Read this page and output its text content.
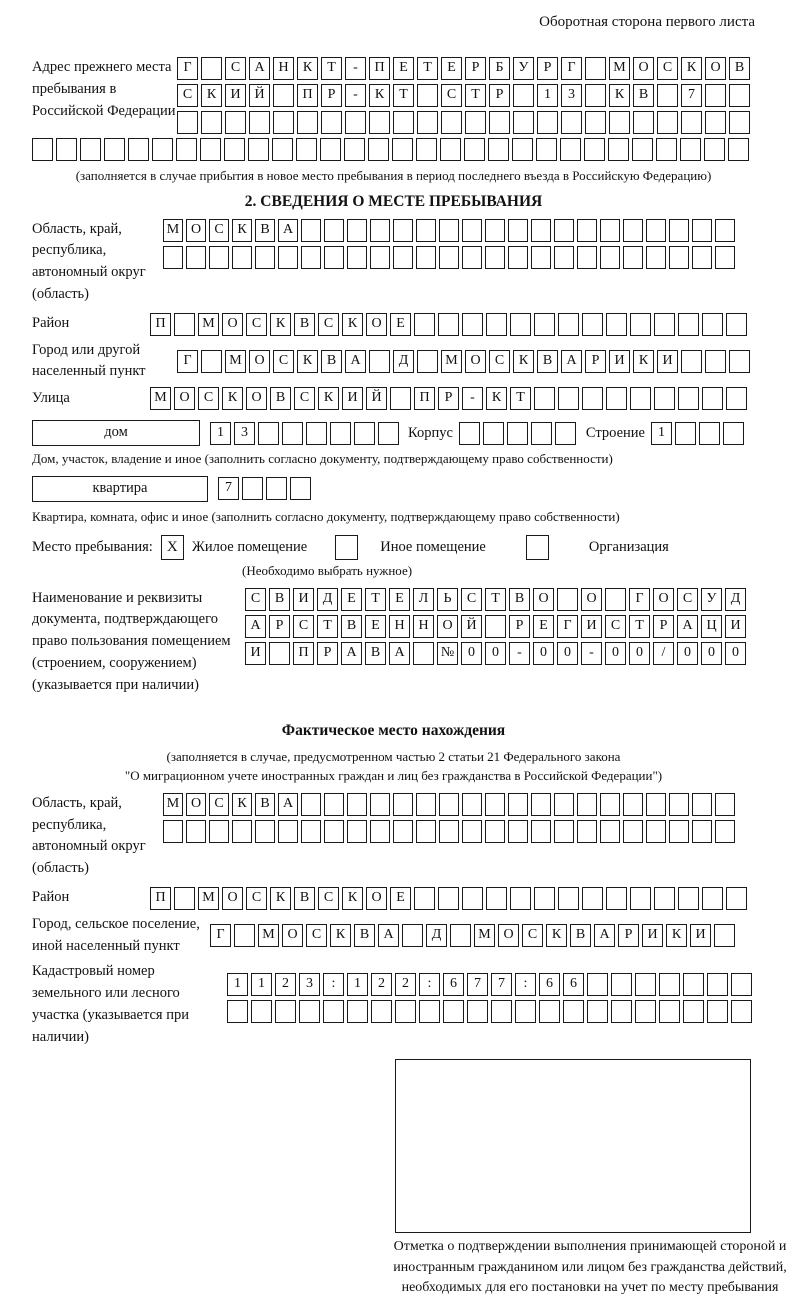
Оборотная сторона первого листа
Адрес прежнего места пребывания в Российской Федерации
Г	С	А Н	К	Т	-	П	Е	Т	Е	Р	Б	У	Р	Г	М О	С	К	О	В
С	К	И Й	П	Р	-	К	Т	С	Т	Р	1	3	К	В	7
(заполняется в случае прибытия в новое место пребывания в период последнего въезда в Российскую Федерацию)
2. СВЕДЕНИЯ О МЕСТЕ ПРЕБЫВАНИЯ
Область, край, республика, автономный округ (область)
М О С К В А
Район	П	М О	С	К	В	С	К	О	Е
Город или другой населенный пункт
Г	М О	С	К	В	А	Д	М О	С	К	В	А	Р	И	К	И
Улица	М О	С	К	О	В	С	К	И Й	П	Р	-	К	Т
дом	1	3	Корпус	Строение 1
Дом, участок, владение и иное (заполнить согласно документу, подтверждающему право собственности)
квартира	7
Квартира, комната, офис и иное (заполнить согласно документу, подтверждающему право собственности)
Место пребывания: X Жилое помещение	Иное помещение	Организация
(Необходимо выбрать нужное)
Наименование и реквизиты документа, подтверждающего право пользования помещением (строением, сооружением) (указывается при наличии)
С	В	И	Д	Е	Т	Е	Л	Ь	С	Т	В	О	О	Г	О	С	У	Д
А	Р	С	Т	В	Е	Н Н О Й	Р	Е	Г	И	С	Т	Р	А Ц И
И	П	Р	А	В	А	№ 0	0	-	0	0	-	0	0	/	0	0	0
Фактическое место нахождения
(заполняется в случае, предусмотренном частью 2 статьи 21 Федерального закона
"О миграционном учете иностранных граждан и лиц без гражданства в Российской Федерации")
Область, край, республика, автономный округ (область)
М О С К В А
Район	П	М О	С	К	В	С	К	О	Е
Город, сельское поселение, иной населенный пункт
Г	М О	С	К	В	А	Д	М О	С	К	В	А	Р	И	К	И
Кадастровый номер земельного или лесного участка (указывается при наличии)
1	1	2	3	:	1	2	2	:	6	7	7	:	6	6
Отметка о подтверждении выполнения принимающей стороной и иностранным гражданином или лицом без гражданства действий, необходимых для его постановки на учет по месту пребывания
